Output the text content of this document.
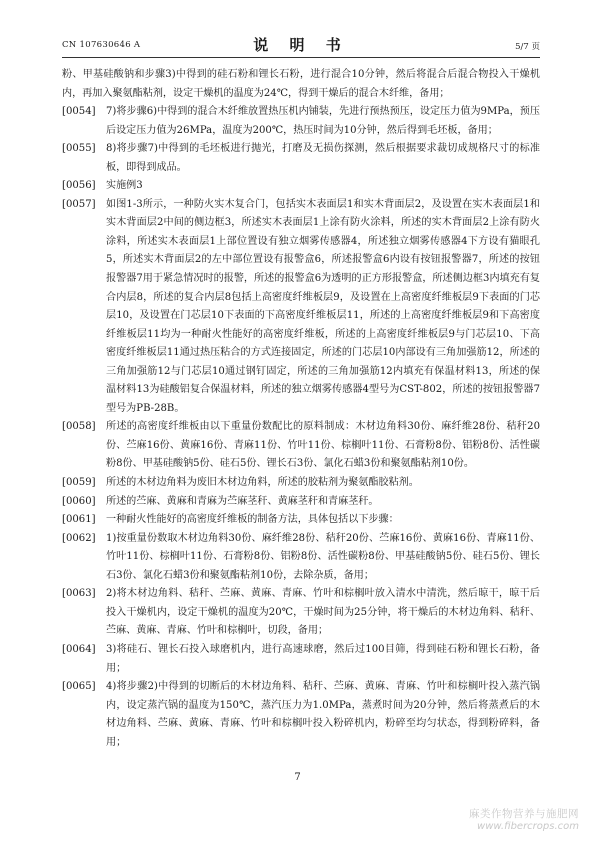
CN 107630646 A	说 明 书	5/7 页

粉、甲基硅酸钠和步骤3)中得到的硅石粉和锂长石粉，进行混合10分钟，然后将混合后混合物投入干燥机内，再加入聚氨酯粘剂，设定干燥机的温度为24℃，得到干燥后的混合木纤维，备用；

[0054]	7)将步骤6)中得到的混合木纤维放置热压机内铺装，先进行预热预压，设定压力值为9MPa，预压后设定压力值为26MPa，温度为200℃，热压时间为10分钟，然后得到毛坯板，备用；

[0055]	8)将步骤7)中得到的毛坯板进行抛光，打磨及无损伤探测，然后根据要求裁切成规格尺寸的标准板，即得到成品。

[0056]	实施例3

[0057]	如图1-3所示，一种防火实木复合门，包括实木表面层1和实木背面层2，及设置在实木表面层1和实木背面层2中间的侧边框3，所述实木表面层1上涂有防火涂料，所述的实木背面层2上涂有防火涂料，所述实木表面层1上部位置设有独立烟雾传感器4，所述独立烟雾传感器4下方设有猫眼孔5，所述实木背面层2的左中部位置设有报警盒6，所述报警盒6内设有按钮报警器7，所述的按钮报警器7用于紧急情况时的报警，所述的报警盒6为透明的正方形报警盒，所述侧边框3内填充有复合内层8，所述的复合内层8包括上高密度纤维板层9，及设置在上高密度纤维板层9下表面的门芯层10，及设置在门芯层10下表面的下高密度纤维板层11，所述的上高密度纤维板层9和下高密度纤维板层11均为一种耐火性能好的高密度纤维板，所述的上高密度纤维板层9与门芯层10、下高密度纤维板层11通过热压粘合的方式连接固定，所述的门芯层10内部设有三角加强筋12，所述的三角加强筋12与门芯层10通过钢钉固定，所述的三角加强筋12内填充有保温材料13，所述的保温材料13为硅酸铝复合保温材料，所述的独立烟雾传感器4型号为CST-802，所述的按钮报警器7型号为PB-28B。

[0058]	所述的高密度纤维板由以下重量份数配比的原料制成：木材边角料30份、麻纤维28份、秸秆20份、苎麻16份、黄麻16份、青麻11份、竹叶11份、棕榈叶11份、石膏粉8份、铝粉8份、活性碳粉8份、甲基硅酸钠5份、硅石5份、锂长石3份、氯化石蜡3份和聚氨酯粘剂10份。

[0059]	所述的木材边角料为废旧木材边角料，所述的胶粘剂为聚氨酯胶粘剂。

[0060]	所述的苎麻、黄麻和青麻为苎麻茎秆、黄麻茎秆和青麻茎秆。

[0061]	一种耐火性能好的高密度纤维板的制备方法，具体包括以下步骤：

[0062]	1)按重量份数取木材边角料30份、麻纤维28份、秸秆20份、苎麻16份、黄麻16份、青麻11份、竹叶11份、棕榈叶11份、石膏粉8份、铝粉8份、活性碳粉8份、甲基硅酸钠5份、硅石5份、锂长石3份、氯化石蜡3份和聚氨酯粘剂10份，去除杂质，备用；

[0063]	2)将木材边角料、秸秆、苎麻、黄麻、青麻、竹叶和棕榈叶放入清水中清洗，然后晾干，晾干后投入干燥机内，设定干燥机的温度为20℃，干燥时间为25分钟，将干燥后的木材边角料、秸秆、苎麻、黄麻、青麻、竹叶和棕榈叶，切段，备用；

[0064]	3)将硅石、锂长石投入球磨机内，进行高速球磨，然后过100目筛，得到硅石粉和锂长石粉，备用；

[0065]	4)将步骤2)中得到的切断后的木材边角料、秸秆、苎麻、黄麻、青麻、竹叶和棕榈叶投入蒸汽锅内，设定蒸汽锅的温度为150℃，蒸汽压力为1.0MPa，蒸煮时间为20分钟，然后将蒸煮后的木材边角料、苎麻、黄麻、青麻、竹叶和棕榈叶投入粉碎机内，粉碎至均匀状态，得到粉碎料，备用；

7
麻类作物营养与施肥网
www.fibercrops.com
